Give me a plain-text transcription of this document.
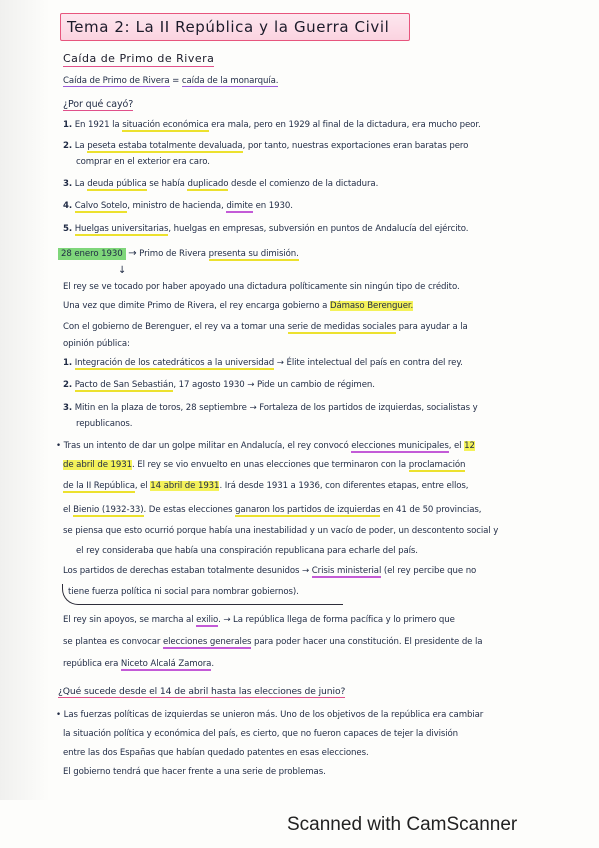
Tema 2: La II República y la Guerra Civil
Caída de Primo de Rivera
Caída de Primo de Rivera = caída de la monarquía.
¿Por qué cayó?
1. En 1921 la situación económica era mala, pero en 1929 al final de la dictadura, era mucho peor.
2. La peseta estaba totalmente devaluada, por tanto, nuestras exportaciones eran baratas pero
comprar en el exterior era caro.
3. La deuda pública se había duplicado desde el comienzo de la dictadura.
4. Calvo Sotelo, ministro de hacienda, dimite en 1930.
5. Huelgas universitarias, huelgas en empresas, subversión en puntos de Andalucía del ejército.
28 enero 1930 → Primo de Rivera presenta su dimisión.
↓
El rey se ve tocado por haber apoyado una dictadura políticamente sin ningún tipo de crédito.
Una vez que dimite Primo de Rivera, el rey encarga gobierno a Dámaso Berenguer.
Con el gobierno de Berenguer, el rey va a tomar una serie de medidas sociales para ayudar a la
opinión pública:
1. Integración de los catedráticos a la universidad → Élite intelectual del país en contra del rey.
2. Pacto de San Sebastián, 17 agosto 1930 → Pide un cambio de régimen.
3. Mitin en la plaza de toros, 28 septiembre → Fortaleza de los partidos de izquierdas, socialistas y
republicanos.
• Tras un intento de dar un golpe militar en Andalucía, el rey convocó elecciones municipales, el 12
de abril de 1931. El rey se vio envuelto en unas elecciones que terminaron con la proclamación
de la II República, el 14 abril de 1931. Irá desde 1931 a 1936, con diferentes etapas, entre ellos,
el Bienio (1932-33). De estas elecciones ganaron los partidos de izquierdas en 41 de 50 provincias,
se piensa que esto ocurrió porque había una inestabilidad y un vacío de poder, un descontento social y
el rey consideraba que había una conspiración republicana para echarle del país.
Los partidos de derechas estaban totalmente desunidos → Crisis ministerial (el rey percibe que no
tiene fuerza política ni social para nombrar gobiernos).
El rey sin apoyos, se marcha al exilio. → La república llega de forma pacífica y lo primero que
se plantea es convocar elecciones generales para poder hacer una constitución. El presidente de la
república era Niceto Alcalá Zamora.
¿Qué sucede desde el 14 de abril hasta las elecciones de junio?
• Las fuerzas políticas de izquierdas se unieron más. Uno de los objetivos de la república era cambiar
la situación política y económica del país, es cierto, que no fueron capaces de tejer la división
entre las dos Españas que habían quedado patentes en esas elecciones.
El gobierno tendrá que hacer frente a una serie de problemas.
Scanned with CamScanner
